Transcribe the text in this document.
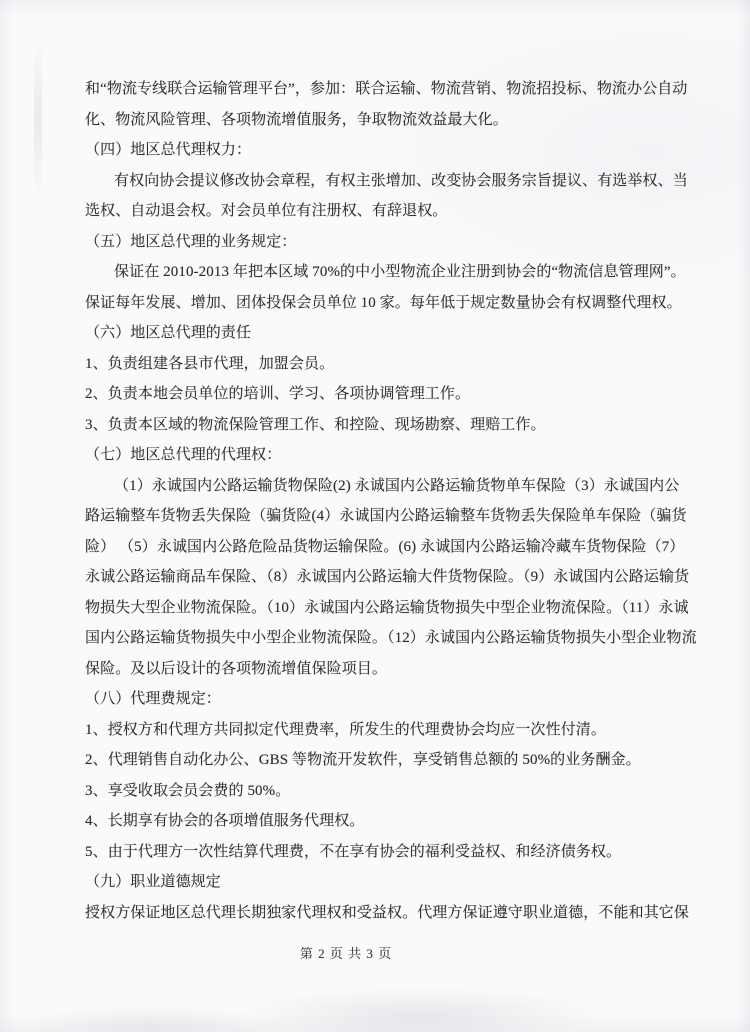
和“物流专线联合运输管理平台”，参加：联合运输、物流营销、物流招投标、物流办公自动
化、物流风险管理、各项物流增值服务，争取物流效益最大化。
（四）地区总代理权力：
有权向协会提议修改协会章程，有权主张增加、改变协会服务宗旨提议、有选举权、当
选权、自动退会权。对会员单位有注册权、有辞退权。
（五）地区总代理的业务规定：
保证在 2010-2013 年把本区域 70%的中小型物流企业注册到协会的“物流信息管理网”。
保证每年发展、增加、团体投保会员单位 10 家。每年低于规定数量协会有权调整代理权。
（六）地区总代理的责任
1、负责组建各县市代理，加盟会员。
2、负责本地会员单位的培训、学习、各项协调管理工作。
3、负责本区域的物流保险管理工作、和控险、现场勘察、理赔工作。
（七）地区总代理的代理权：
（1）永诚国内公路运输货物保险(2) 永诚国内公路运输货物单车保险（3）永诚国内公
路运输整车货物丢失保险（骗货险(4）永诚国内公路运输整车货物丢失保险单车保险（骗货
险） （5）永诚国内公路危险品货物运输保险。(6) 永诚国内公路运输冷藏车货物保险（7）
永诚公路运输商品车保险、（8）永诚国内公路运输大件货物保险。（9）永诚国内公路运输货
物损失大型企业物流保险。（10）永诚国内公路运输货物损失中型企业物流保险。（11）永诚
国内公路运输货物损失中小型企业物流保险。（12）永诚国内公路运输货物损失小型企业物流
保险。及以后设计的各项物流增值保险项目。
（八）代理费规定：
1、授权方和代理方共同拟定代理费率，所发生的代理费协会均应一次性付清。
2、代理销售自动化办公、GBS 等物流开发软件，享受销售总额的 50%的业务酬金。
3、享受收取会员会费的 50%。
4、长期享有协会的各项增值服务代理权。
5、由于代理方一次性结算代理费，不在享有协会的福利受益权、和经济债务权。
（九）职业道德规定
授权方保证地区总代理长期独家代理权和受益权。代理方保证遵守职业道德，不能和其它保
第 2 页 共 3 页
